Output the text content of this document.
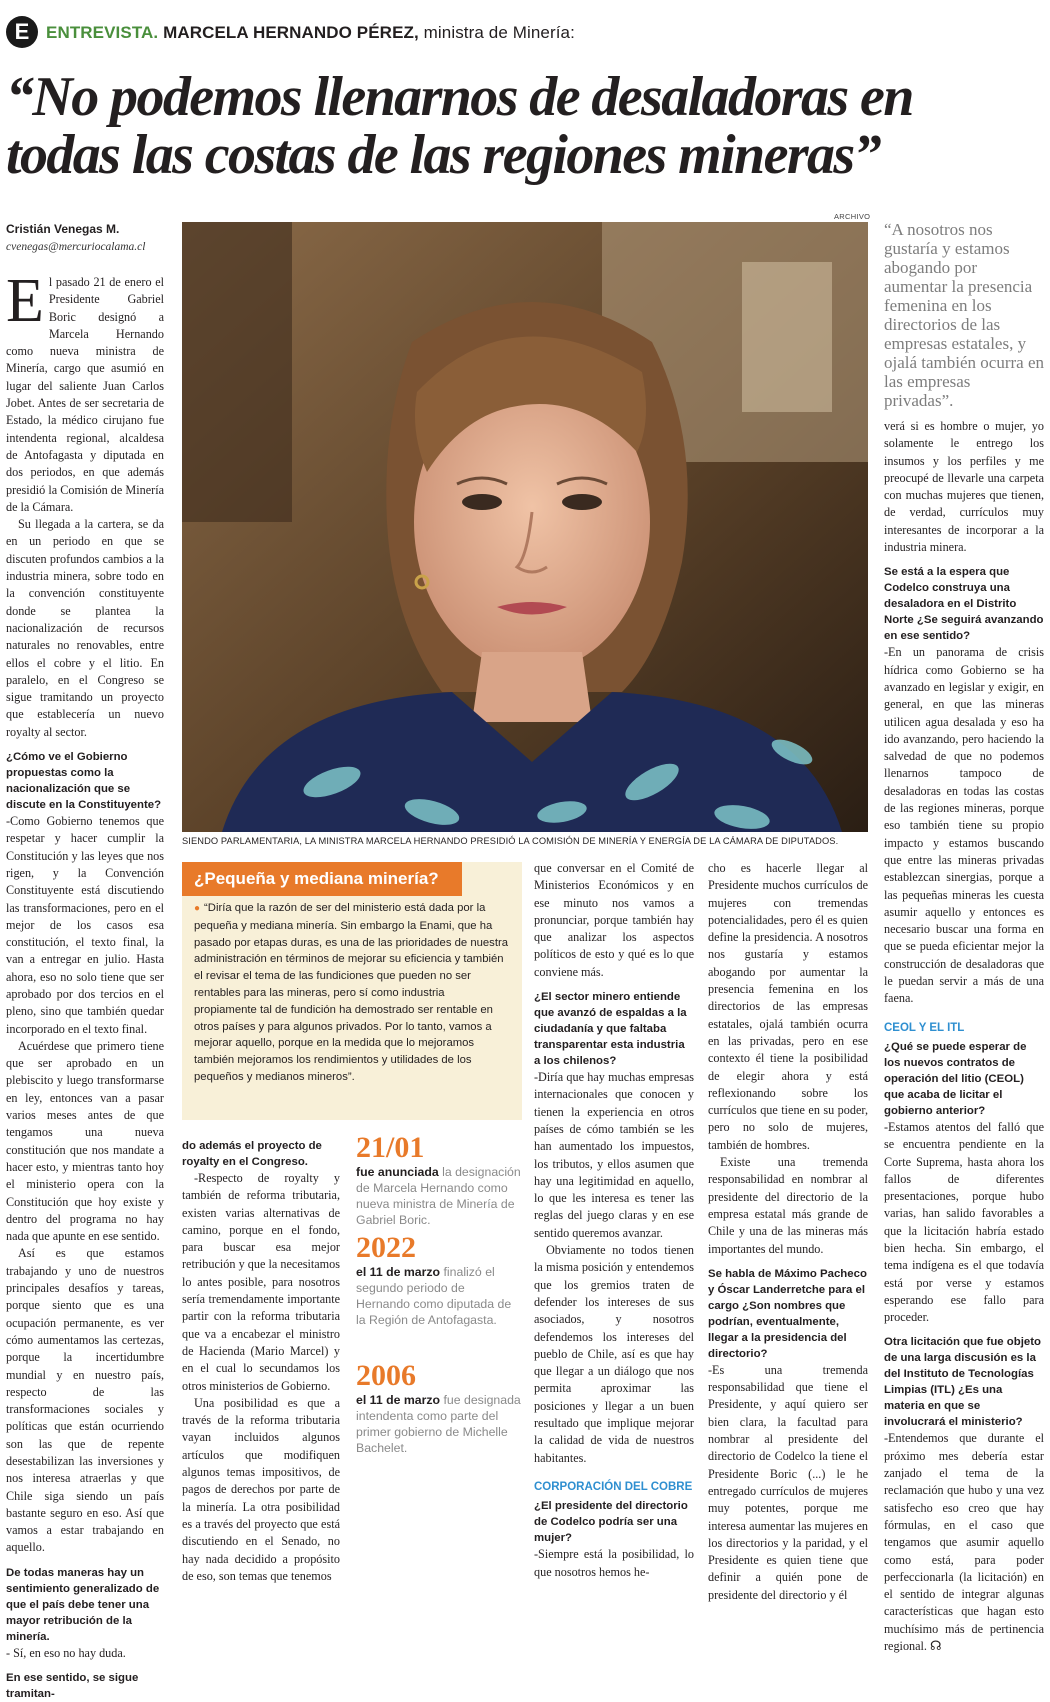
E ENTREVISTA. MARCELA HERNANDO PÉREZ, ministra de Minería:
“No podemos llenarnos de desaladoras en
todas las costas de las regiones mineras”
Cristián Venegas M.
cvenegas@mercuriocalama.cl
E l pasado 21 de enero el Presidente Gabriel Boric designó a Marcela Hernando como nueva ministra de Minería, cargo que asumió en lugar del saliente Juan Carlos Jobet. Antes de ser secretaria de Estado, la médico cirujano fue intendenta regional, alcaldesa de Antofagasta y diputada en dos periodos, en que además presidió la Comisión de Minería de la Cámara.

Su llegada a la cartera, se da en un periodo en que se discuten profundos cambios a la industria minera, sobre todo en la convención constituyente donde se plantea la nacionalización de recursos naturales no renovables, entre ellos el cobre y el litio. En paralelo, en el Congreso se sigue tramitando un proyecto que establecería un nuevo royalty al sector.

¿Cómo ve el Gobierno propuestas como la nacionalización que se discute en la Constituyente?

-Como Gobierno tenemos que respetar y hacer cumplir la Constitución y las leyes que nos rigen, y la Convención Constituyente está discutiendo las transformaciones, pero en el mejor de los casos esa constitución, el texto final, la van a entregar en julio. Hasta ahora, eso no solo tiene que ser aprobado por dos tercios en el pleno, sino que también quedar incorporado en el texto final.

Acuérdese que primero tiene que ser aprobado en un plebiscito y luego transformarse en ley, entonces van a pasar varios meses antes de que tengamos una nueva constitución que nos mandate a hacer esto, y mientras tanto hoy el ministerio opera con la Constitución que hoy existe y dentro del programa no hay nada que apunte en ese sentido.

Así es que estamos trabajando y uno de nuestros principales desafíos y tareas, porque siento que es una ocupación permanente, es ver cómo aumentamos las certezas, porque la incertidumbre mundial y en nuestro país, respecto de las transformaciones sociales y políticas que están ocurriendo son las que de repente desestabilizan las inversiones y nos interesa atraerlas y que Chile siga siendo un país bastante seguro en eso. Así que vamos a estar trabajando en aquello.

De todas maneras hay un sentimiento generalizado de que el país debe tener una mayor retribución de la minería.

- Sí, en eso no hay duda.

En ese sentido, se sigue tramitan-

ARCHIVO
SIENDO PARLAMENTARIA, LA MINISTRA MARCELA HERNANDO PRESIDIÓ LA COMISIÓN DE MINERÍA Y ENERGÍA DE LA CÁMARA DE DIPUTADOS.
“A nosotros nos gustaría y estamos abogando por aumentar la presencia femenina en los directorios de las empresas estatales, y ojalá también ocurra en las empresas privadas”.
¿Pequeña y mediana minería?
● “Diría que la razón de ser del ministerio está dada por la pequeña y mediana minería. Sin embargo la Enami, que ha pasado por etapas duras, es una de las prioridades de nuestra administración en términos de mejorar su eficiencia y también el revisar el tema de las fundiciones que pueden no ser rentables para las mineras, pero sí como industria propiamente tal de fundición ha demostrado ser rentable en otros países y para algunos privados. Por lo tanto, vamos a mejorar aquello, porque en la medida que lo mejoramos también mejoramos los rendimientos y utilidades de los pequeños y medianos mineros”.

do además el proyecto de royalty en el Congreso.

-Respecto de royalty y también de reforma tributaria, existen varias alternativas de camino, porque en el fondo, para buscar esa mejor retribución y que la necesitamos lo antes posible, para nosotros sería tremendamente importante partir con la reforma tributaria que va a encabezar el ministro de Hacienda (Mario Marcel) y en el cual lo secundamos los otros ministerios de Gobierno.

Una posibilidad es que a través de la reforma tributaria vayan incluidos algunos artículos que modifiquen algunos temas impositivos, de pagos de derechos por parte de la minería. La otra posibilidad es a través del proyecto que está discutiendo en el Senado, no hay nada decidido a propósito de eso, son temas que tenemos

21/01
fue anunciada la designación de Marcela Hernando como nueva ministra de Minería de Gabriel Boric.
2022
el 11 de marzo finalizó el segundo periodo de Hernando como diputada de la Región de Antofagasta.
2006
el 11 de marzo fue designada intendenta como parte del primer gobierno de Michelle Bachelet.

que conversar en el Comité de Ministerios Económicos y en ese minuto nos vamos a pronunciar, porque también hay que analizar los aspectos políticos de esto y qué es lo que conviene más.

¿El sector minero entiende que avanzó de espaldas a la ciudadanía y que faltaba transparentar esta industria a los chilenos?

-Diría que hay muchas empresas internacionales que conocen y tienen la experiencia en otros países de cómo también se les han aumentado los impuestos, los tributos, y ellos asumen que hay una legitimidad en aquello, lo que les interesa es tener las reglas del juego claras y en ese sentido queremos avanzar.

Obviamente no todos tienen la misma posición y entendemos que los gremios traten de defender los intereses de sus asociados, y nosotros defendemos los intereses del pueblo de Chile, así es que hay que llegar a un diálogo que nos permita aproximar las posiciones y llegar a un buen resultado que implique mejorar la calidad de vida de nuestros habitantes.

CORPORACIÓN DEL COBRE

¿El presidente del directorio de Codelco podría ser una mujer?

-Siempre está la posibilidad, lo que nosotros hemos he-

cho es hacerle llegar al Presidente muchos currículos de mujeres con tremendas potencialidades, pero él es quien define la presidencia. A nosotros nos gustaría y estamos abogando por aumentar la presencia femenina en los directorios de las empresas estatales, ojalá también ocurra en las privadas, pero en ese contexto él tiene la posibilidad de elegir ahora y está reflexionando sobre los currículos que tiene en su poder, pero no solo de mujeres, también de hombres.

Existe una tremenda responsabilidad en nombrar al presidente del directorio de la empresa estatal más grande de Chile y una de las mineras más importantes del mundo.

Se habla de Máximo Pacheco y Óscar Landerretche para el cargo ¿Son nombres que podrían, eventualmente, llegar a la presidencia del directorio?

-Es una tremenda responsabilidad que tiene el Presidente, y aquí quiero ser bien clara, la facultad para nombrar al presidente del directorio de Codelco la tiene el Presidente Boric (...) le he entregado currículos de mujeres muy potentes, porque me interesa aumentar las mujeres en los directorios y la paridad, y el Presidente es quien tiene que definir a quién pone de presidente del directorio y él

verá si es hombre o mujer, yo solamente le entrego los insumos y los perfiles y me preocupé de llevarle una carpeta con muchas mujeres que tienen, de verdad, currículos muy interesantes de incorporar a la industria minera.

Se está a la espera que Codelco construya una desaladora en el Distrito Norte ¿Se seguirá avanzando en ese sentido?

-En un panorama de crisis hídrica como Gobierno se ha avanzado en legislar y exigir, en general, en que las mineras utilicen agua desalada y eso ha ido avanzando, pero haciendo la salvedad de que no podemos llenarnos tampoco de desaladoras en todas las costas de las regiones mineras, porque eso también tiene su propio impacto y estamos buscando que entre las mineras privadas establezcan sinergias, porque a las pequeñas mineras les cuesta asumir aquello y entonces es necesario buscar una forma en que se pueda eficientar mejor la construcción de desaladoras que le puedan servir a más de una faena.

CEOL Y EL ITL

¿Qué se puede esperar de los nuevos contratos de operación del litio (CEOL) que acaba de licitar el gobierno anterior?

-Estamos atentos del falló que se encuentra pendiente en la Corte Suprema, hasta ahora los fallos de diferentes presentaciones, porque hubo varias, han salido favorables a que la licitación habría estado bien hecha. Sin embargo, el tema indígena es el que todavía está por verse y estamos esperando ese fallo para proceder.

Otra licitación que fue objeto de una larga discusión es la del Instituto de Tecnologías Limpias (ITL) ¿Es una materia en que se involucrará el ministerio?

-Entendemos que durante el próximo mes debería estar zanjado el tema de la reclamación que hubo y una vez satisfecho eso creo que hay fórmulas, en el caso que tengamos que asumir aquello como está, para poder perfeccionarla (la licitación) en el sentido de integrar algunas características que hagan esto muchísimo más de pertinencia regional. ☊
